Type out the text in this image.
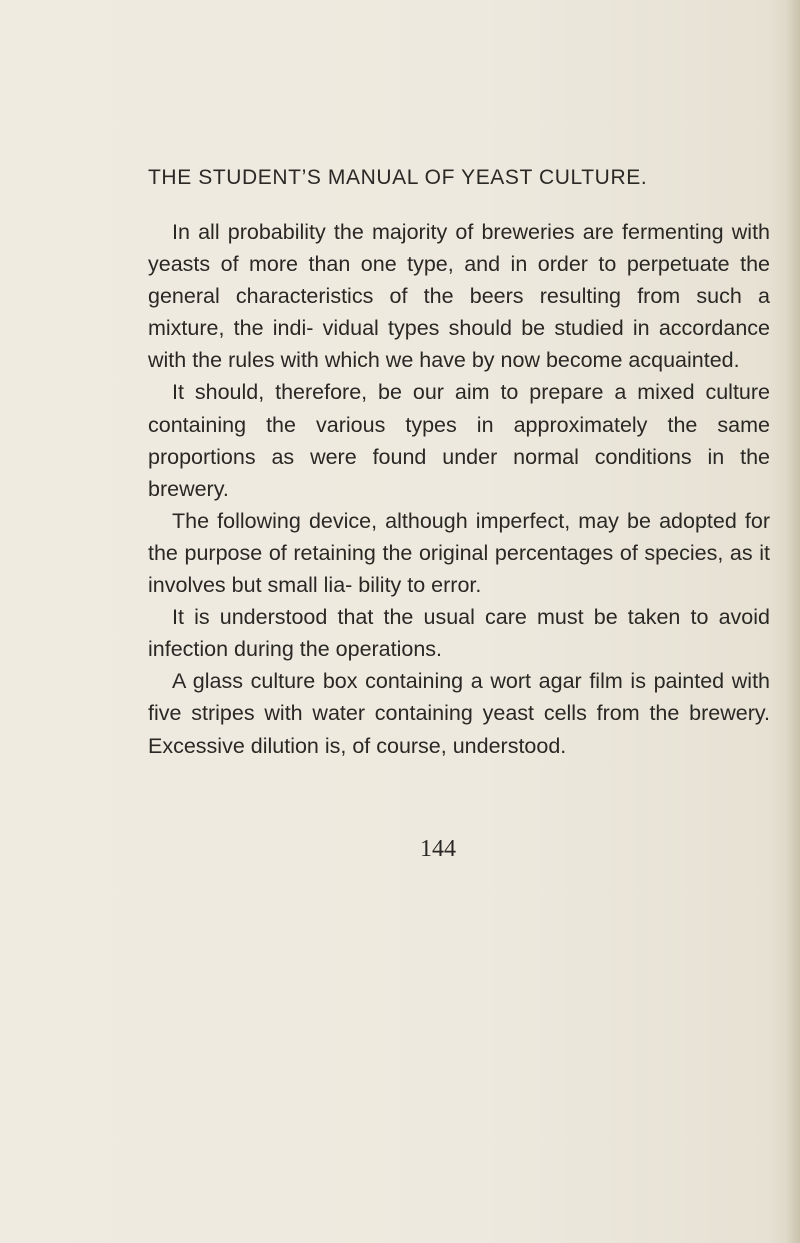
THE STUDENT’S MANUAL OF YEAST CULTURE.

In all probability the majority of breweries are fermenting with yeasts of more than one type, and in order to perpetuate the general characteristics of the beers resulting from such a mixture, the indi- vidual types should be studied in accordance with the rules with which we have by now become acquainted.

It should, therefore, be our aim to prepare a mixed culture containing the various types in approximately the same proportions as were found under normal conditions in the brewery.

The following device, although imperfect, may be adopted for the purpose of retaining the original percentages of species, as it involves but small lia- bility to error.

It is understood that the usual care must be taken to avoid infection during the operations.

A glass culture box containing a wort agar film is painted with five stripes with water containing yeast cells from the brewery. Excessive dilution is, of course, understood.

144
